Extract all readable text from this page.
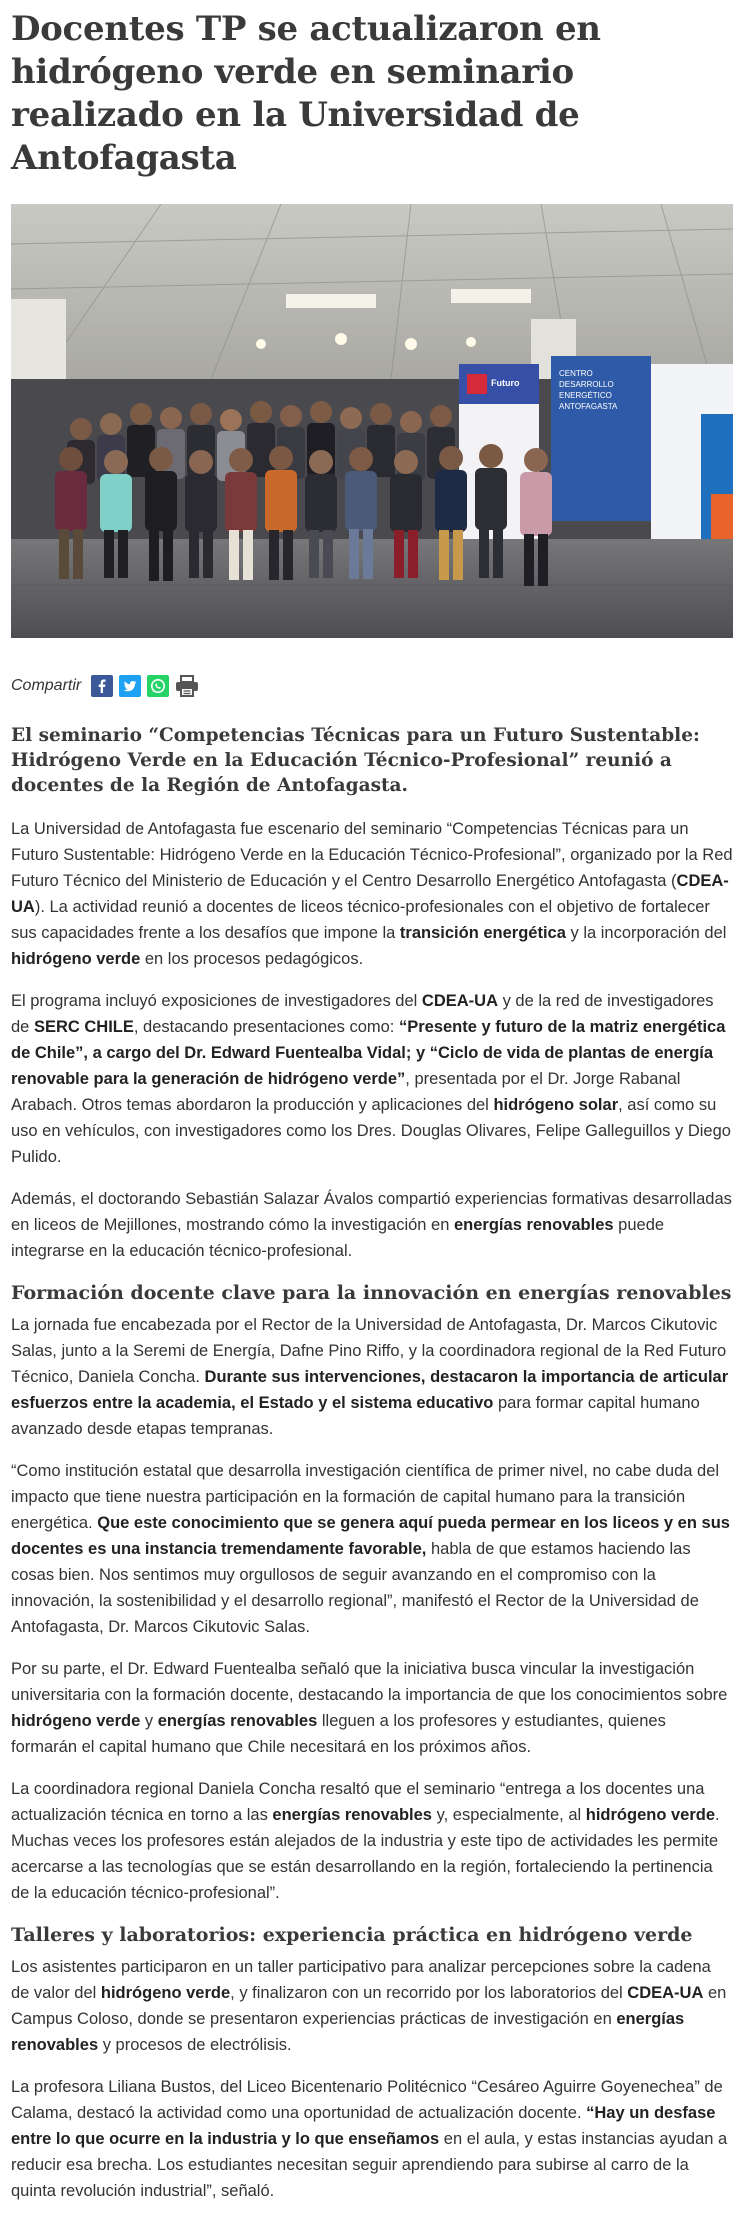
Docentes TP se actualizaron en hidrógeno verde en seminario realizado en la Universidad de Antofagasta
Futuro
CENTRO
DESARROLLO
ENERGÉTICO
ANTOFAGASTA
Compartir
El seminario “Competencias Técnicas para un Futuro Sustentable: Hidrógeno Verde en la Educación Técnico-Profesional” reunió a docentes de la Región de Antofagasta.

La Universidad de Antofagasta fue escenario del seminario “Competencias Técnicas para un Futuro Sustentable: Hidrógeno Verde en la Educación Técnico-Profesional”, organizado por la Red Futuro Técnico del Ministerio de Educación y el Centro Desarrollo Energético Antofagasta (CDEA-UA). La actividad reunió a docentes de liceos técnico-profesionales con el objetivo de fortalecer sus capacidades frente a los desafíos que impone la transición energética y la incorporación del hidrógeno verde en los procesos pedagógicos.

El programa incluyó exposiciones de investigadores del CDEA-UA y de la red de investigadores de SERC CHILE, destacando presentaciones como: “Presente y futuro de la matriz energética de Chile”, a cargo del Dr. Edward Fuentealba Vidal; y “Ciclo de vida de plantas de energía renovable para la generación de hidrógeno verde”, presentada por el Dr. Jorge Rabanal Arabach. Otros temas abordaron la producción y aplicaciones del hidrógeno solar, así como su uso en vehículos, con investigadores como los Dres. Douglas Olivares, Felipe Galleguillos y Diego Pulido.

Además, el doctorando Sebastián Salazar Ávalos compartió experiencias formativas desarrolladas en liceos de Mejillones, mostrando cómo la investigación en energías renovables puede integrarse en la educación técnico-profesional.

Formación docente clave para la innovación en energías renovables

La jornada fue encabezada por el Rector de la Universidad de Antofagasta, Dr. Marcos Cikutovic Salas, junto a la Seremi de Energía, Dafne Pino Riffo, y la coordinadora regional de la Red Futuro Técnico, Daniela Concha. Durante sus intervenciones, destacaron la importancia de articular esfuerzos entre la academia, el Estado y el sistema educativo para formar capital humano avanzado desde etapas tempranas.

“Como institución estatal que desarrolla investigación científica de primer nivel, no cabe duda del impacto que tiene nuestra participación en la formación de capital humano para la transición energética. Que este conocimiento que se genera aquí pueda permear en los liceos y en sus docentes es una instancia tremendamente favorable, habla de que estamos haciendo las cosas bien. Nos sentimos muy orgullosos de seguir avanzando en el compromiso con la innovación, la sostenibilidad y el desarrollo regional”, manifestó el Rector de la Universidad de Antofagasta, Dr. Marcos Cikutovic Salas.

Por su parte, el Dr. Edward Fuentealba señaló que la iniciativa busca vincular la investigación universitaria con la formación docente, destacando la importancia de que los conocimientos sobre hidrógeno verde y energías renovables lleguen a los profesores y estudiantes, quienes formarán el capital humano que Chile necesitará en los próximos años.

La coordinadora regional Daniela Concha resaltó que el seminario “entrega a los docentes una actualización técnica en torno a las energías renovables y, especialmente, al hidrógeno verde. Muchas veces los profesores están alejados de la industria y este tipo de actividades les permite acercarse a las tecnologías que se están desarrollando en la región, fortaleciendo la pertinencia de la educación técnico-profesional”.

Talleres y laboratorios: experiencia práctica en hidrógeno verde

Los asistentes participaron en un taller participativo para analizar percepciones sobre la cadena de valor del hidrógeno verde, y finalizaron con un recorrido por los laboratorios del CDEA-UA en Campus Coloso, donde se presentaron experiencias prácticas de investigación en energías renovables y procesos de electrólisis.

La profesora Liliana Bustos, del Liceo Bicentenario Politécnico “Cesáreo Aguirre Goyenechea” de Calama, destacó la actividad como una oportunidad de actualización docente. “Hay un desfase entre lo que ocurre en la industria y lo que enseñamos en el aula, y estas instancias ayudan a reducir esa brecha. Los estudiantes necesitan seguir aprendiendo para subirse al carro de la quinta revolución industrial”, señaló.
